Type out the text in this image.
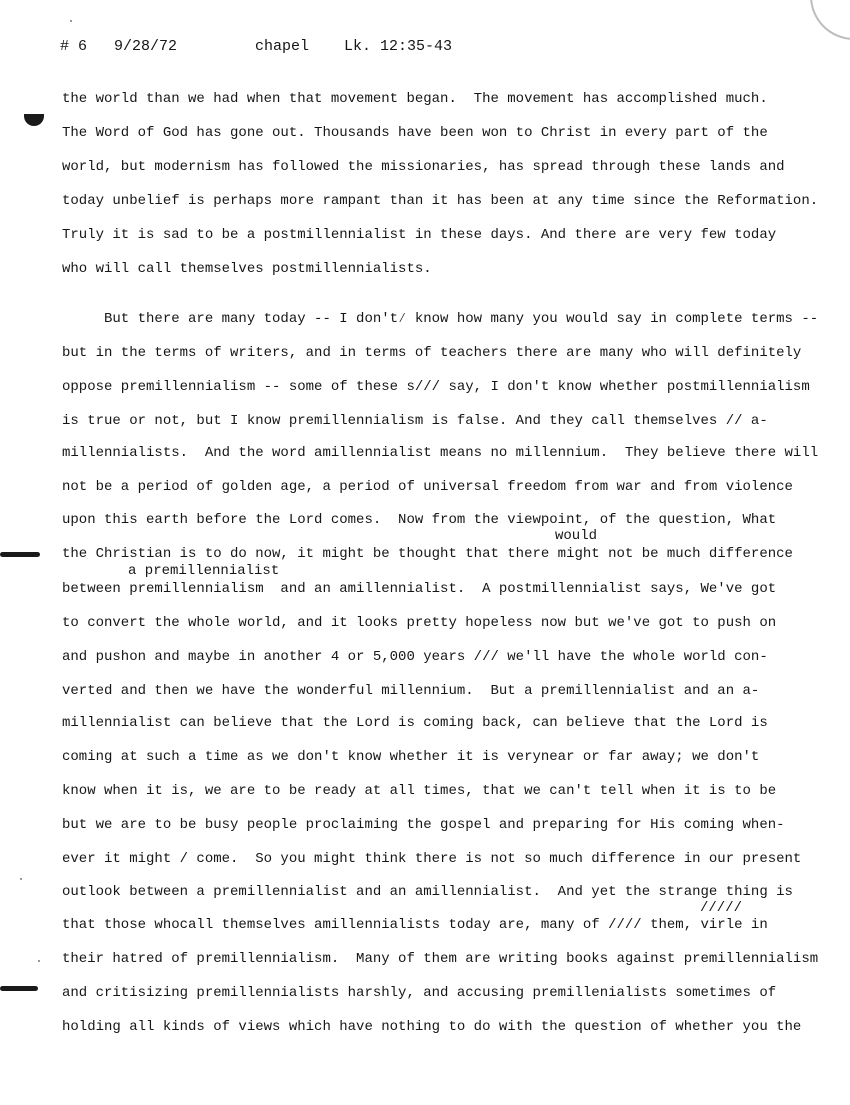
# 6

9/28/72

	chapel

Lk. 12:35-43

the world than we had when that movement began.  The movement has accomplished much.
The Word of God has gone out. Thousands have been won to Christ in every part of the
world, but modernism has followed the missionaries, has spread through these lands and
today unbelief is perhaps more rampant than it has been at any time since the Reformation.
Truly it is sad to be a postmillennialist in these days. And there are very few today
who will call themselves postmillennialists.
But there are many today -- I don't⁄ know how many you would say in complete terms --
but in the terms of writers, and in terms of teachers there are many who will definitely
oppose premillennialism -- some of these s/// say, I don't know whether postmillennialism
is true or not, but I know premillennialism is false. And they call themselves // a-
millennialists.  And the word amillennialist means no millennium.  They believe there will
not be a period of golden age, a period of universal freedom from war and from violence
upon this earth before the Lord comes.  Now from the viewpoint, of the question, What
would
the Christian is to do now, it might be thought that there might not be much difference
a premillennialist
between premillennialism  and an amillennialist.  A postmillennialist says, We've got
to convert the whole world, and it looks pretty hopeless now but we've got to push on
and pushon and maybe in another 4 or 5,000 years /// we'll have the whole world con-
verted and then we have the wonderful millennium.  But a premillennialist and an a-
millennialist can believe that the Lord is coming back, can believe that the Lord is
coming at such a time as we don't know whether it is verynear or far away; we don't
know when it is, we are to be ready at all times, that we can't tell when it is to be
but we are to be busy people proclaiming the gospel and preparing for His coming when-
ever it might / come.  So you might think there is not so much difference in our present
outlook between a premillennialist and an amillennialist.  And yet the strange thing is
/////
that those whocall themselves amillennialists today are, many of //// them, virle in
their hatred of premillennialism.  Many of them are writing books against premillennialism
and critisizing premillennialists harshly, and accusing premillenialists sometimes of
holding all kinds of views which have nothing to do with the question of whether you the
